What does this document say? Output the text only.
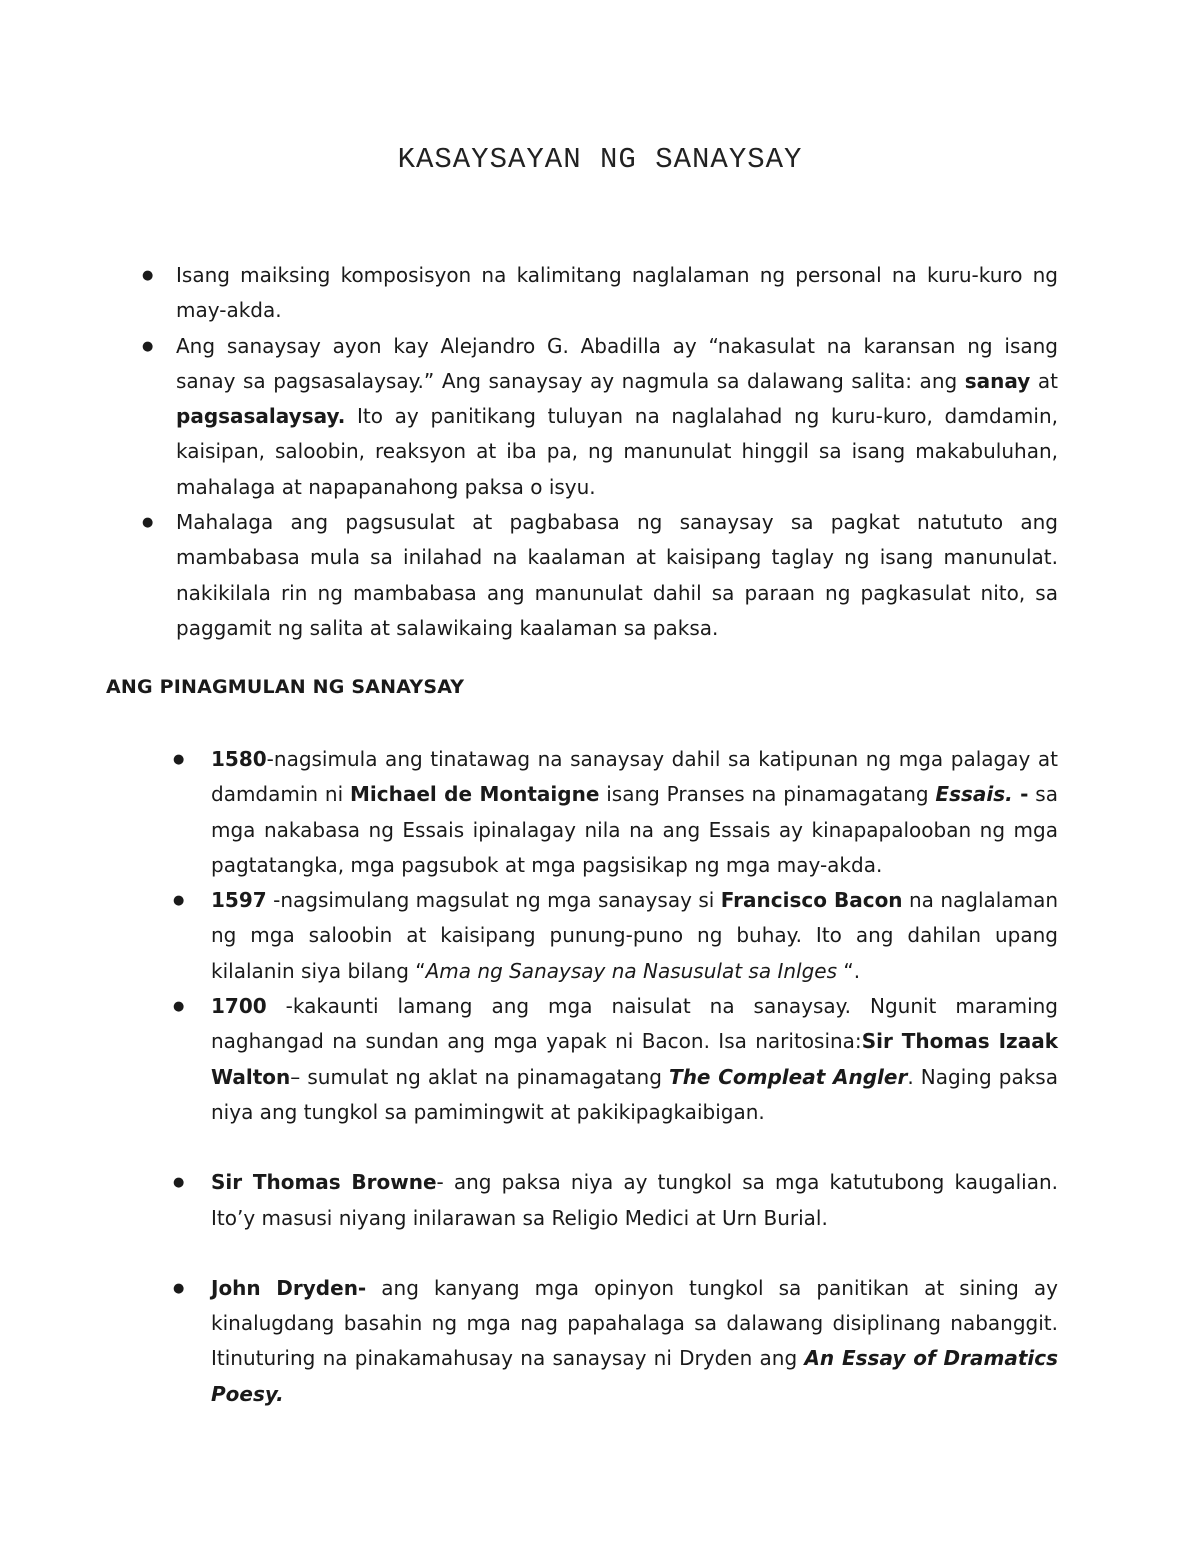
KASAYSAYAN NG SANAYSAY
● Isang maiksing komposisyon na kalimitang naglalaman ng personal na kuru-kuro ng may-akda.
● Ang sanaysay ayon kay Alejandro G. Abadilla ay “nakasulat na karansan ng isang sanay sa pagsasalaysay.” Ang sanaysay ay nagmula sa dalawang salita: ang sanay at pagsasalaysay. Ito ay panitikang tuluyan na naglalahad ng kuru-kuro, damdamin, kaisipan, saloobin, reaksyon at iba pa, ng manunulat hinggil sa isang makabuluhan, mahalaga at napapanahong paksa o isyu.
● Mahalaga ang pagsusulat at pagbabasa ng sanaysay sa pagkat natututo ang mambabasa mula sa inilahad na kaalaman at kaisipang taglay ng isang manunulat. nakikilala rin ng mambabasa ang manunulat dahil sa paraan ng pagkasulat nito, sa paggamit ng salita at salawikaing kaalaman sa paksa.
ANG PINAGMULAN NG SANAYSAY
● 1580-nagsimula ang tinatawag na sanaysay dahil sa katipunan ng mga palagay at damdamin ni Michael de Montaigne isang Pranses na pinamagatang Essais. - sa mga nakabasa ng Essais ipinalagay nila na ang Essais ay kinapapalooban ng mga pagtatangka, mga pagsubok at mga pagsisikap ng mga may-akda.
● 1597 -nagsimulang magsulat ng mga sanaysay si Francisco Bacon na naglalaman ng mga saloobin at kaisipang punung-puno ng buhay. Ito ang dahilan upang kilalanin siya bilang “Ama ng Sanaysay na Nasusulat sa Inlges “.
● 1700 -kakaunti lamang ang mga naisulat na sanaysay. Ngunit maraming naghangad na sundan ang mga yapak ni Bacon. Isa naritosina:Sir Thomas Izaak Walton– sumulat ng aklat na pinamagatang The Compleat Angler. Naging paksa niya ang tungkol sa pamimingwit at pakikipagkaibigan.
● Sir Thomas Browne- ang paksa niya ay tungkol sa mga katutubong kaugalian. Ito’y masusi niyang inilarawan sa Religio Medici at Urn Burial.
● John Dryden- ang kanyang mga opinyon tungkol sa panitikan at sining ay kinalugdang basahin ng mga nag papahalaga sa dalawang disiplinang nabanggit. Itinuturing na pinakamahusay na sanaysay ni Dryden ang An Essay of Dramatics Poesy.
